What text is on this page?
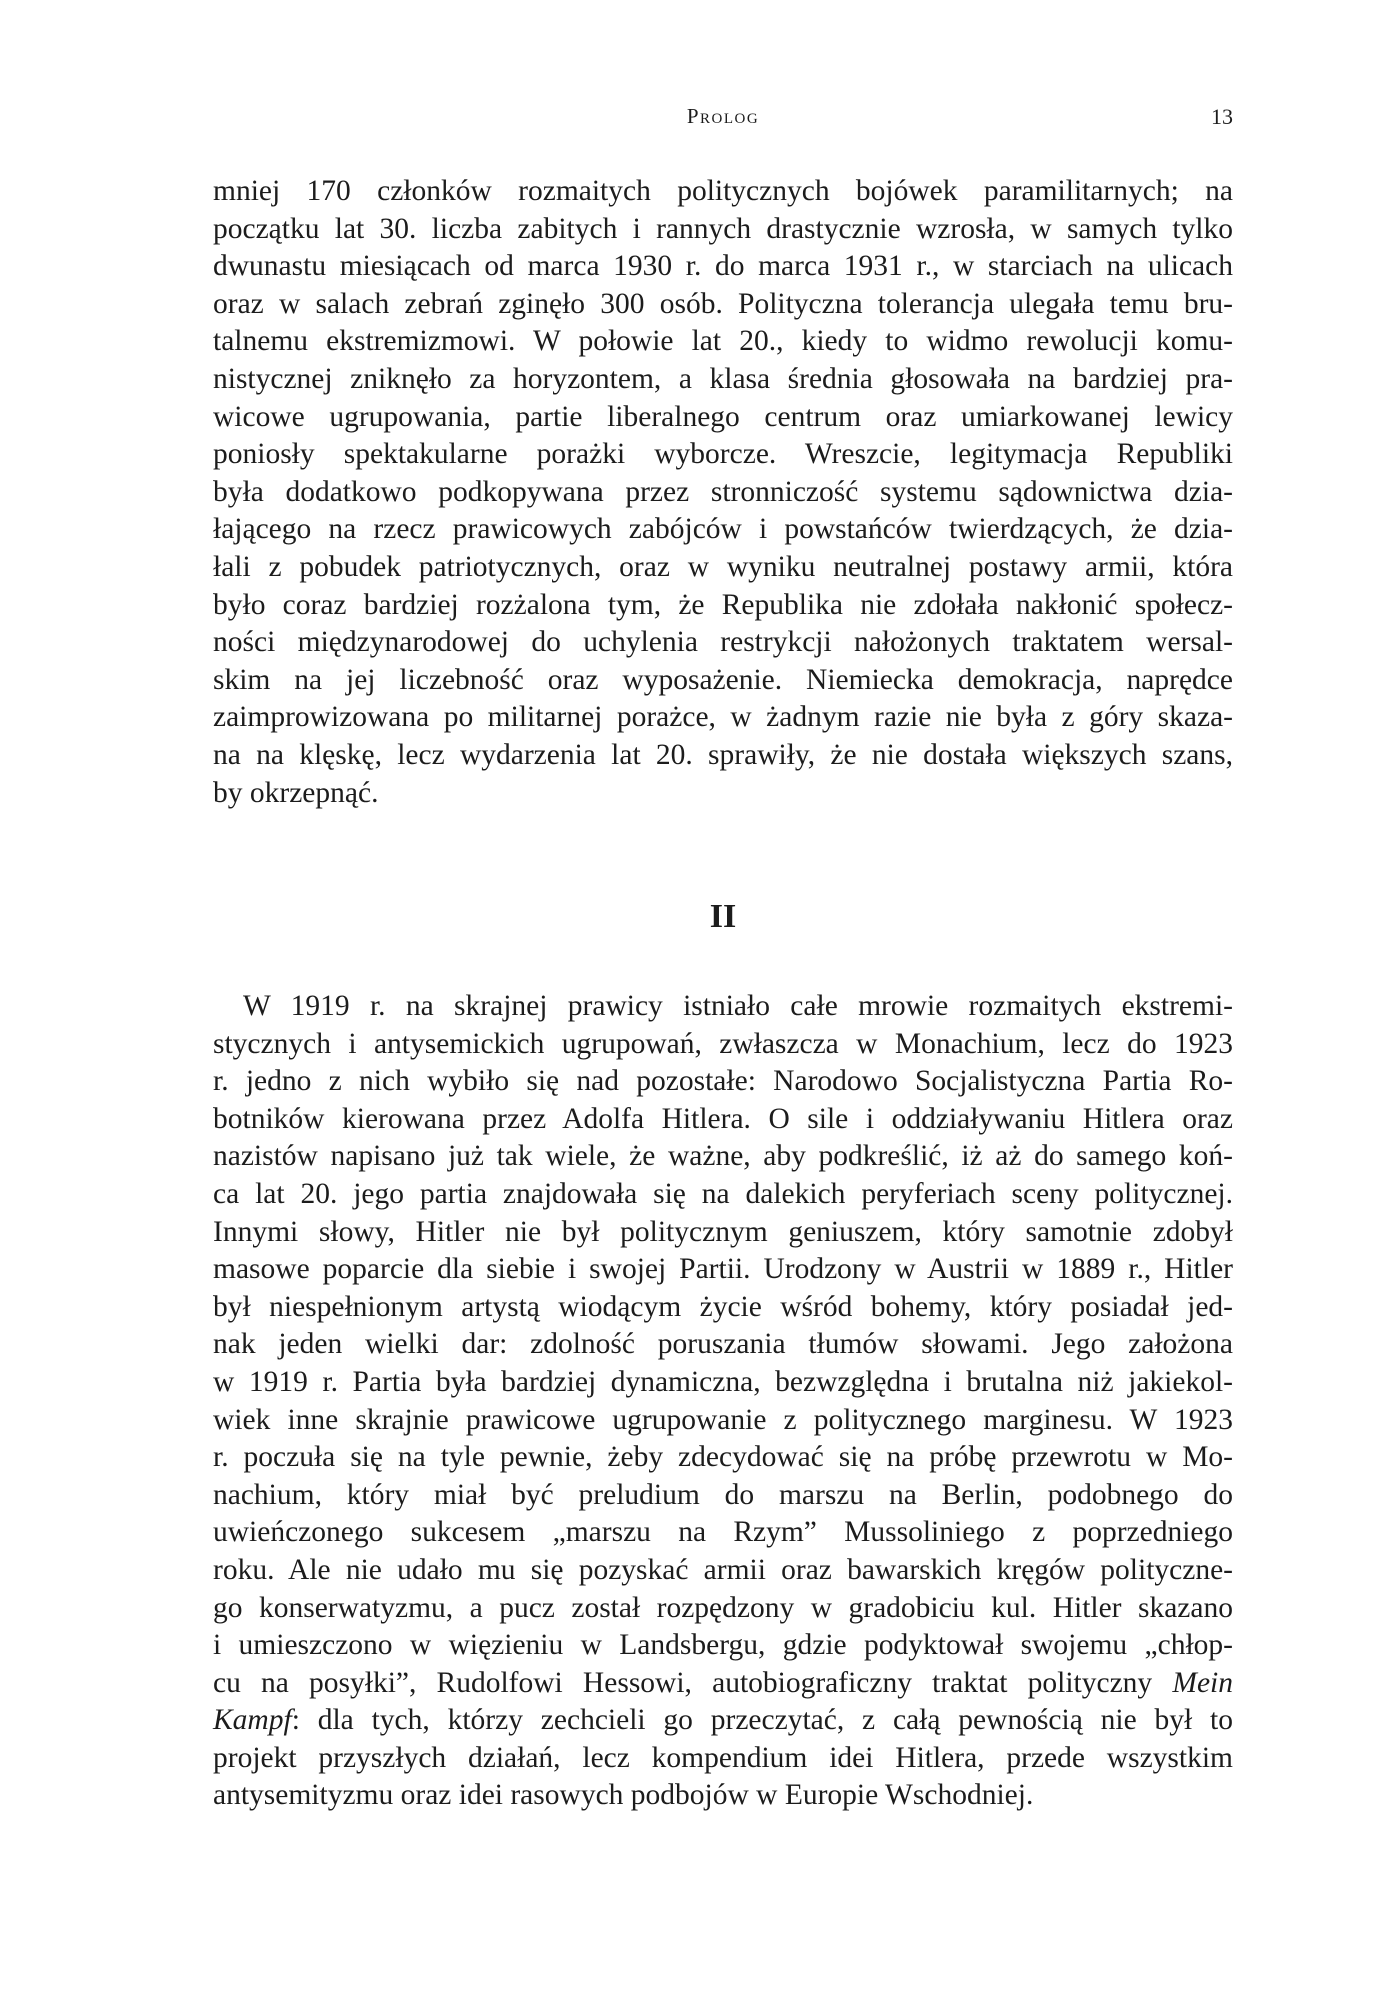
Prolog	13
mniej 170 członków rozmaitych politycznych bojówek paramilitarnych; na
początku lat 30. liczba zabitych i rannych drastycznie wzrosła, w samych tylko
dwunastu miesiącach od marca 1930 r. do marca 1931 r., w starciach na ulicach
oraz w salach zebrań zginęło 300 osób. Polityczna tolerancja ulegała temu bru-
talnemu ekstremizmowi. W połowie lat 20., kiedy to widmo rewolucji komu-
nistycznej zniknęło za horyzontem, a klasa średnia głosowała na bardziej pra-
wicowe ugrupowania, partie liberalnego centrum oraz umiarkowanej lewicy
poniosły spektakularne porażki wyborcze. Wreszcie, legitymacja Republiki
była dodatkowo podkopywana przez stronniczość systemu sądownictwa dzia-
łającego na rzecz prawicowych zabójców i powstańców twierdzących, że dzia-
łali z pobudek patriotycznych, oraz w wyniku neutralnej postawy armii, która
było coraz bardziej rozżalona tym, że Republika nie zdołała nakłonić społecz-
ności międzynarodowej do uchylenia restrykcji nałożonych traktatem wersal-
skim na jej liczebność oraz wyposażenie. Niemiecka demokracja, naprędce
zaimprowizowana po militarnej porażce, w żadnym razie nie była z góry skaza-
na na klęskę, lecz wydarzenia lat 20. sprawiły, że nie dostała większych szans,
by okrzepnąć.
II
W 1919 r. na skrajnej prawicy istniało całe mrowie rozmaitych ekstremi-
stycznych i antysemickich ugrupowań, zwłaszcza w Monachium, lecz do 1923
r. jedno z nich wybiło się nad pozostałe: Narodowo Socjalistyczna Partia Ro-
botników kierowana przez Adolfa Hitlera. O sile i oddziaływaniu Hitlera oraz
nazistów napisano już tak wiele, że ważne, aby podkreślić, iż aż do samego koń-
ca lat 20. jego partia znajdowała się na dalekich peryferiach sceny politycznej.
Innymi słowy, Hitler nie był politycznym geniuszem, który samotnie zdobył
masowe poparcie dla siebie i swojej Partii. Urodzony w Austrii w 1889 r., Hitler
był niespełnionym artystą wiodącym życie wśród bohemy, który posiadał jed-
nak jeden wielki dar: zdolność poruszania tłumów słowami. Jego założona
w 1919 r. Partia była bardziej dynamiczna, bezwzględna i brutalna niż jakiekol-
wiek inne skrajnie prawicowe ugrupowanie z politycznego marginesu. W 1923
r. poczuła się na tyle pewnie, żeby zdecydować się na próbę przewrotu w Mo-
nachium, który miał być preludium do marszu na Berlin, podobnego do
uwieńczonego sukcesem „marszu na Rzym” Mussoliniego z poprzedniego
roku. Ale nie udało mu się pozyskać armii oraz bawarskich kręgów polityczne-
go konserwatyzmu, a pucz został rozpędzony w gradobiciu kul. Hitler skazano
i umieszczono w więzieniu w Landsbergu, gdzie podyktował swojemu „chłop-
cu na posyłki”, Rudolfowi Hessowi, autobiograficzny traktat polityczny Mein
Kampf: dla tych, którzy zechcieli go przeczytać, z całą pewnością nie był to
projekt przyszłych działań, lecz kompendium idei Hitlera, przede wszystkim
antysemityzmu oraz idei rasowych podbojów w Europie Wschodniej.
